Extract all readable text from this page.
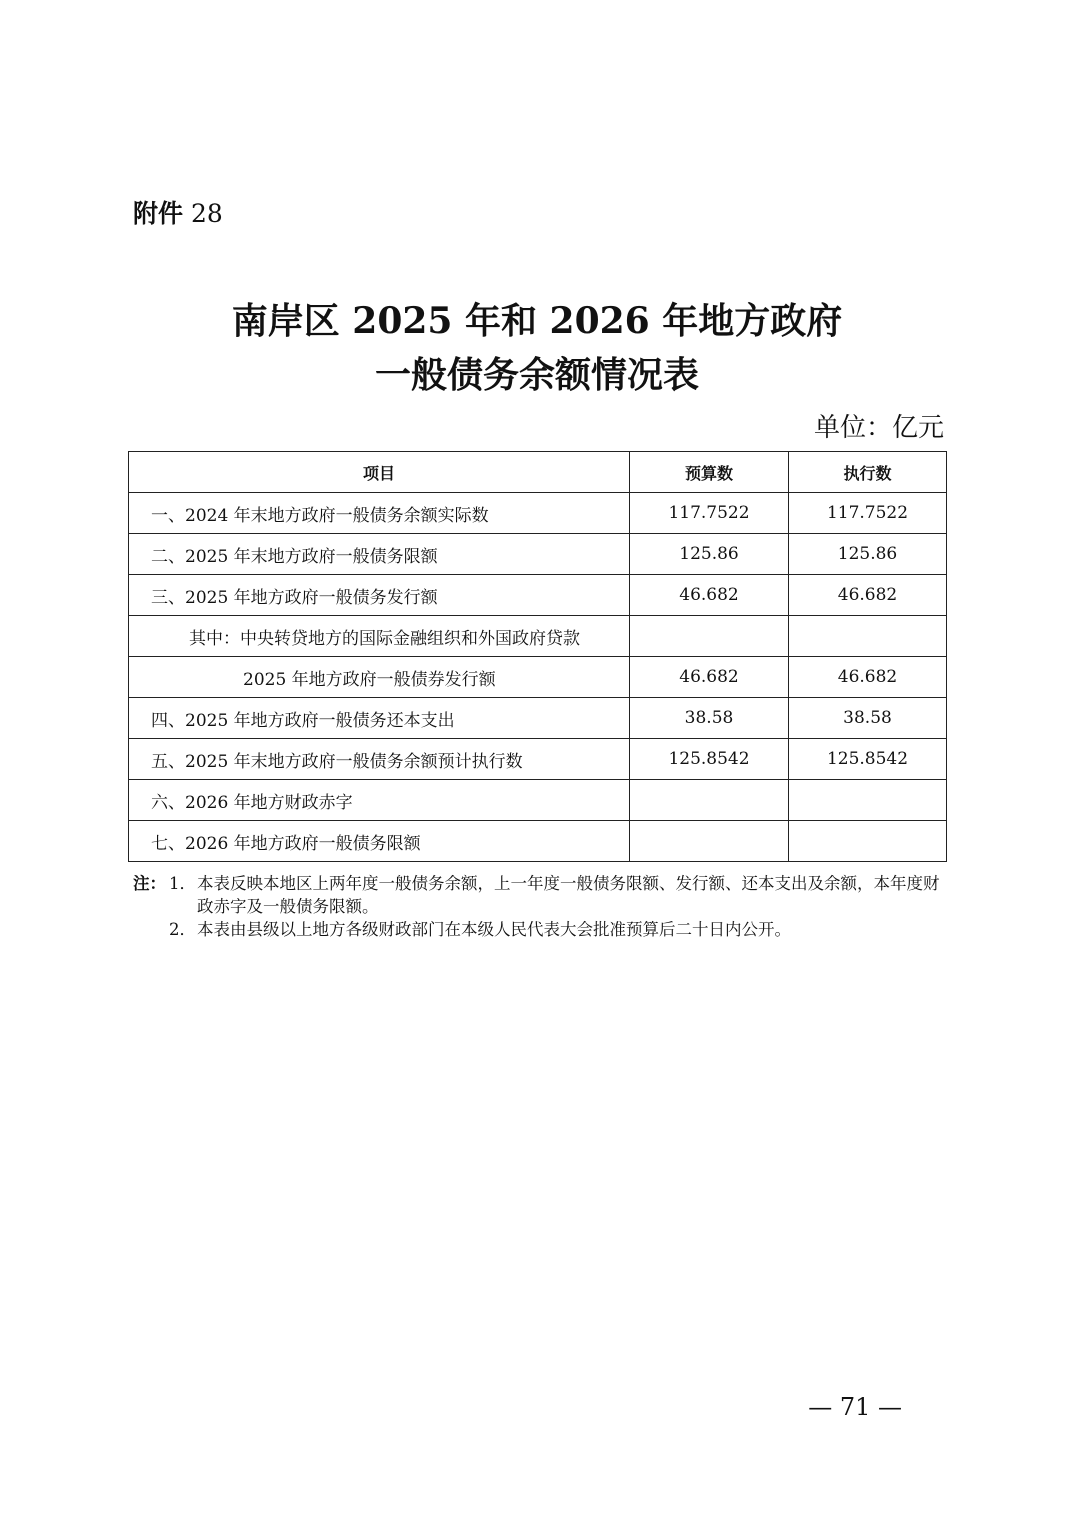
附件 28
南岸区 2025 年和 2026 年地方政府
一般债务余额情况表
单位：亿元
项目	预算数	执行数
一、2024 年末地方政府一般债务余额实际数	117.7522	117.7522
二、2025 年末地方政府一般债务限额	125.86	125.86
三、2025 年地方政府一般债务发行额	46.682	46.682
其中：中央转贷地方的国际金融组织和外国政府贷款		
2025 年地方政府一般债券发行额	46.682	46.682
四、2025 年地方政府一般债务还本支出	38.58	38.58
五、2025 年末地方政府一般债务余额预计执行数	125.8542	125.8542
六、2026 年地方财政赤字		
七、2026 年地方政府一般债务限额		
注： 1． 本表反映本地区上两年度一般债务余额，上一年度一般债务限额、发行额、还本支出及余额，本年度财政赤字及一般债务限额。
2． 本表由县级以上地方各级财政部门在本级人民代表大会批准预算后二十日内公开。
— 71 —
